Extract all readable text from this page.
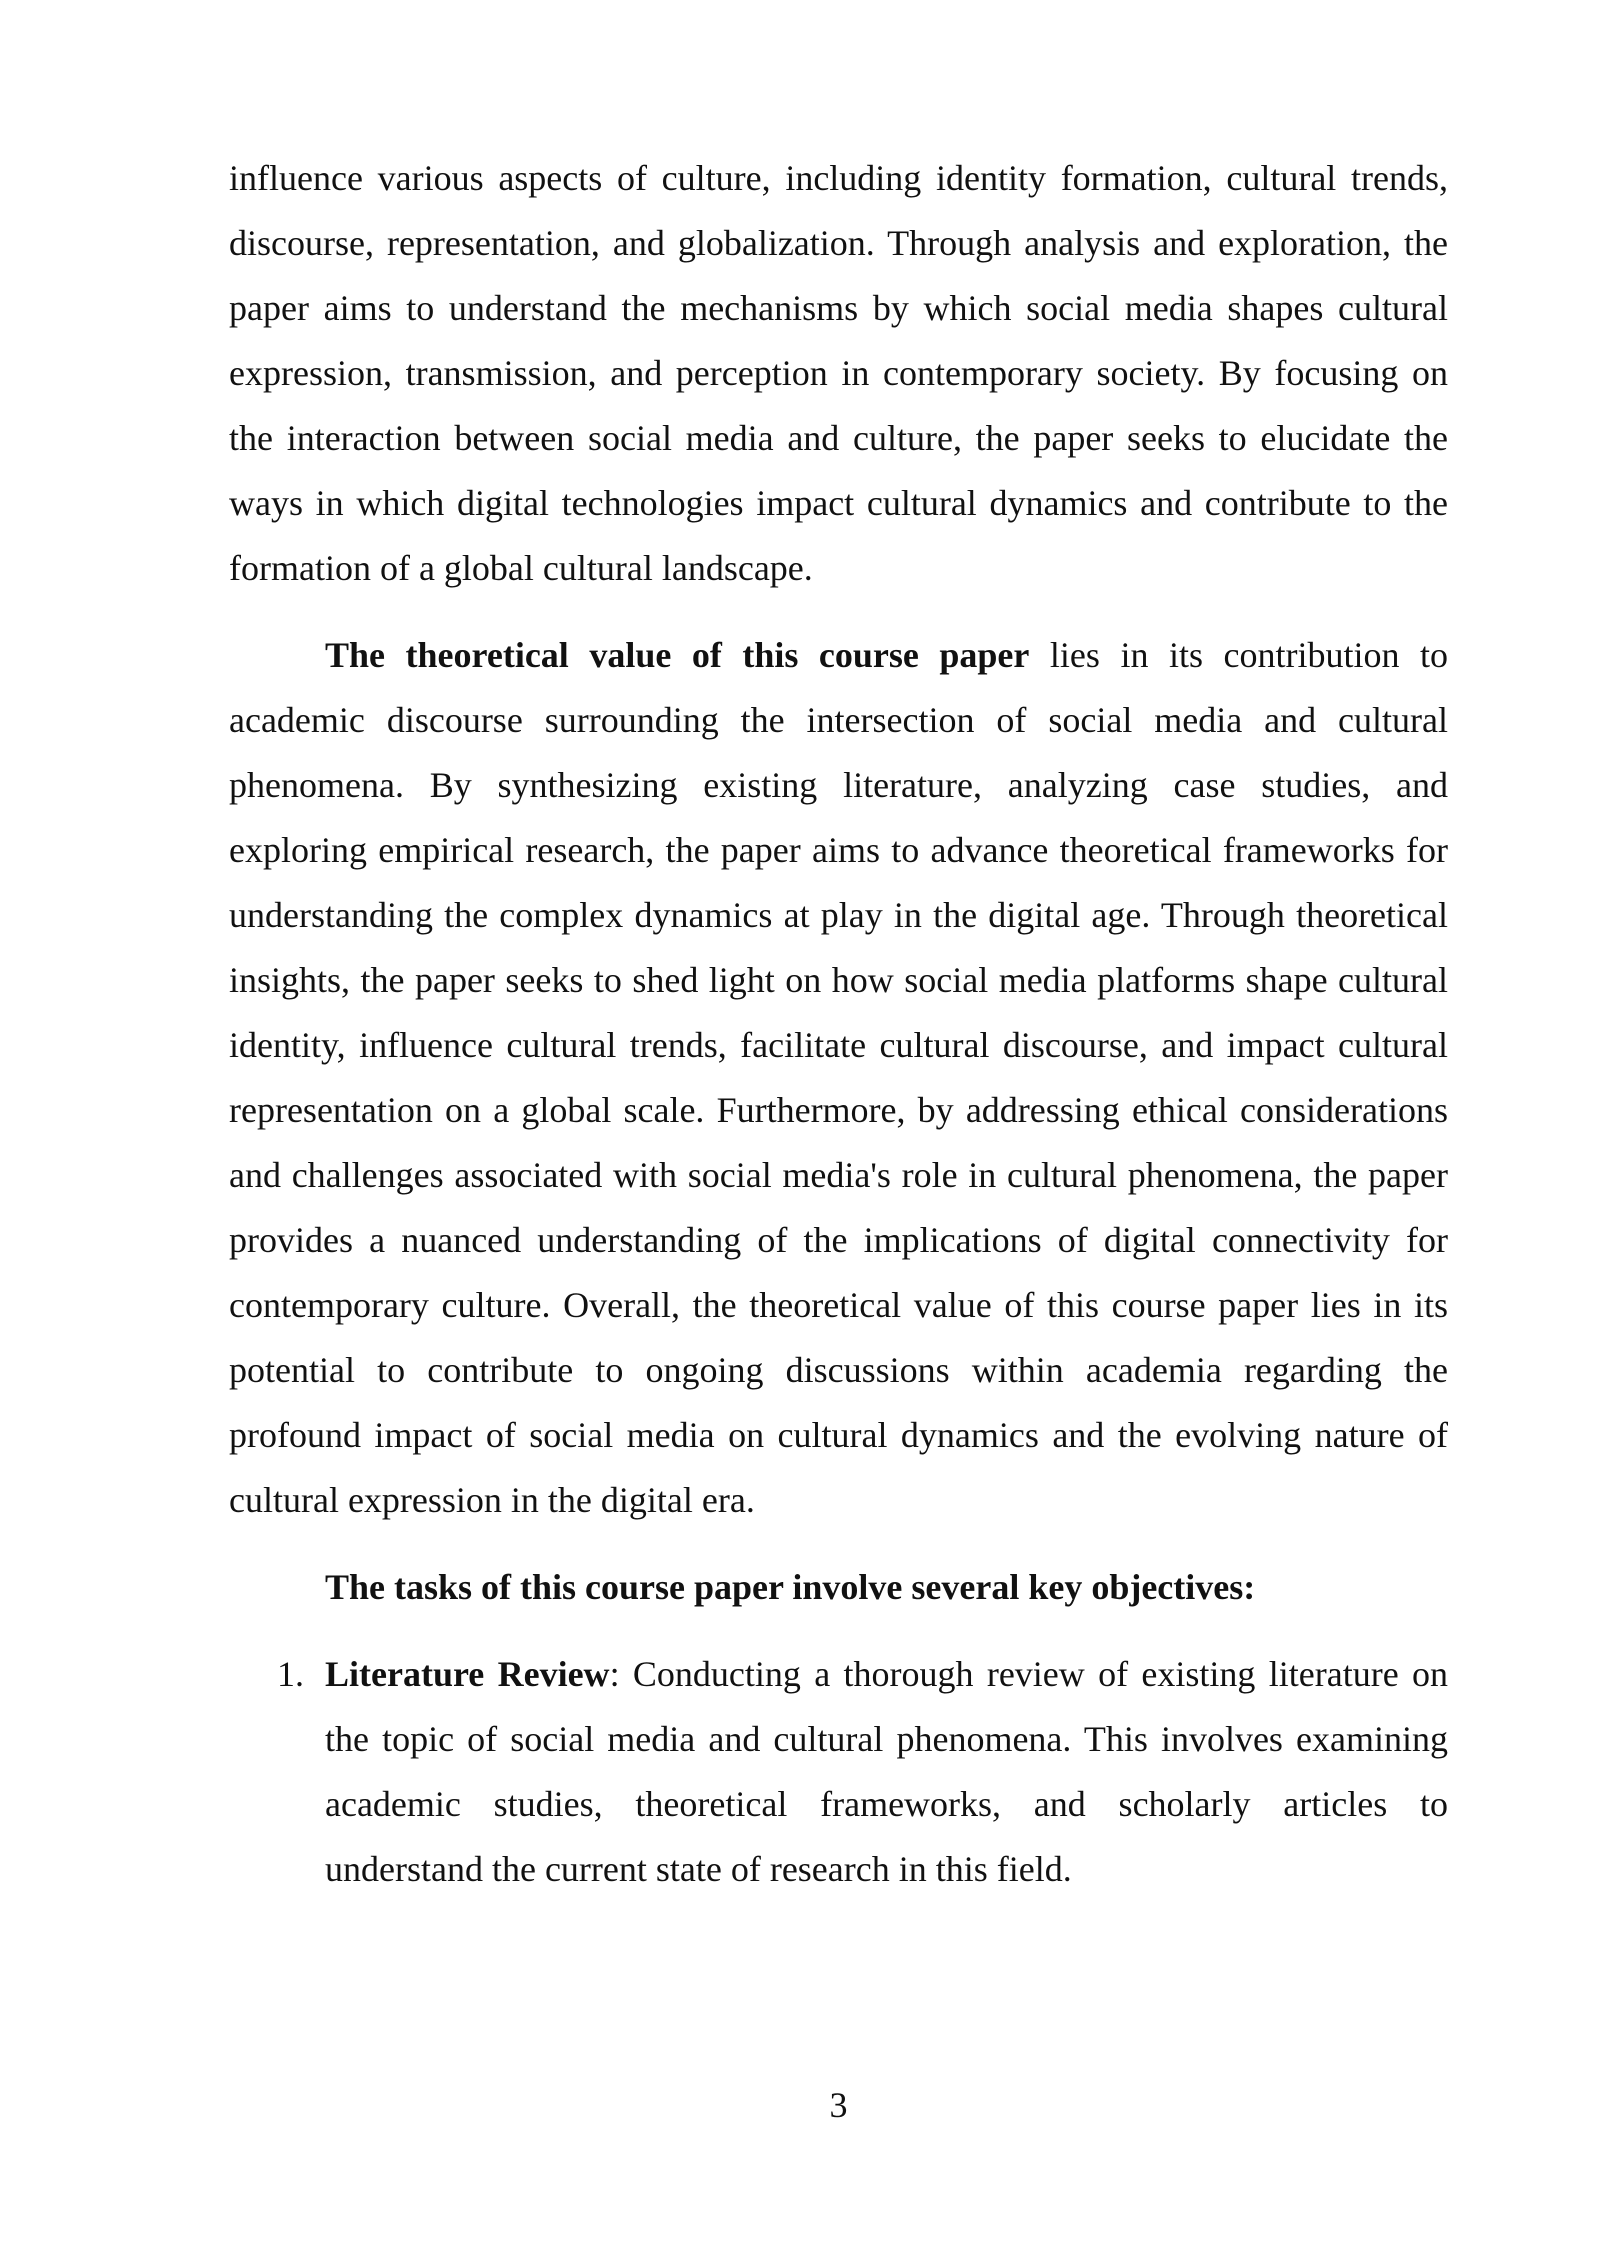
influence various aspects of culture, including identity formation, cultural trends, discourse, representation, and globalization. Through analysis and exploration, the paper aims to understand the mechanisms by which social media shapes cultural expression, transmission, and perception in contemporary society. By focusing on the interaction between social media and culture, the paper seeks to elucidate the ways in which digital technologies impact cultural dynamics and contribute to the formation of a global cultural landscape.

The theoretical value of this course paper lies in its contribution to academic discourse surrounding the intersection of social media and cultural phenomena. By synthesizing existing literature, analyzing case studies, and exploring empirical research, the paper aims to advance theoretical frameworks for understanding the complex dynamics at play in the digital age. Through theoretical insights, the paper seeks to shed light on how social media platforms shape cultural identity, influence cultural trends, facilitate cultural discourse, and impact cultural representation on a global scale. Furthermore, by addressing ethical considerations and challenges associated with social media's role in cultural phenomena, the paper provides a nuanced understanding of the implications of digital connectivity for contemporary culture. Overall, the theoretical value of this course paper lies in its potential to contribute to ongoing discussions within academia regarding the profound impact of social media on cultural dynamics and the evolving nature of cultural expression in the digital era.

The tasks of this course paper involve several key objectives:

1. Literature Review: Conducting a thorough review of existing literature on the topic of social media and cultural phenomena. This involves examining academic studies, theoretical frameworks, and scholarly articles to understand the current state of research in this field.
3
